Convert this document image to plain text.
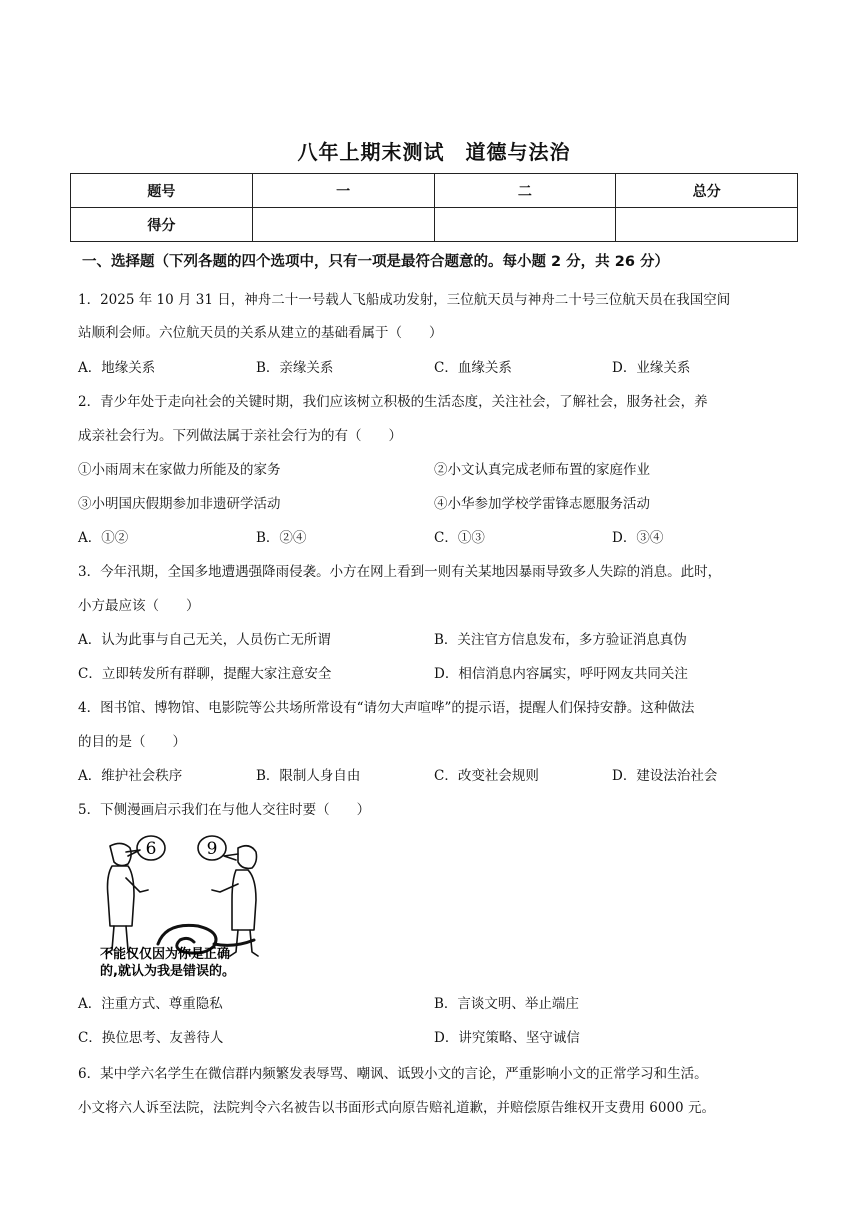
八年上期末测试　道德与法治
题号	一	二	总分
得分			
一、选择题（下列各题的四个选项中，只有一项是最符合题意的。每小题 2 分，共 26 分）
1．2025 年 10 月 31 日，神舟二十一号载人飞船成功发射，三位航天员与神舟二十号三位航天员在我国空间
站顺利会师。六位航天员的关系从建立的基础看属于（　　）
A．地缘关系	B．亲缘关系	C．血缘关系	D．业缘关系
2．青少年处于走向社会的关键时期，我们应该树立积极的生活态度，关注社会，了解社会，服务社会，养
成亲社会行为。下列做法属于亲社会行为的有（　　）
①小雨周末在家做力所能及的家务	②小文认真完成老师布置的家庭作业
③小明国庆假期参加非遗研学活动	④小华参加学校学雷锋志愿服务活动
A．①②	B．②④	C．①③	D．③④
3．今年汛期，全国多地遭遇强降雨侵袭。小方在网上看到一则有关某地因暴雨导致多人失踪的消息。此时，
小方最应该（　　）
A．认为此事与自己无关，人员伤亡无所谓	B．关注官方信息发布，多方验证消息真伪
C．立即转发所有群聊，提醒大家注意安全	D．相信消息内容属实，呼吁网友共同关注
4．图书馆、博物馆、电影院等公共场所常设有“请勿大声喧哗”的提示语，提醒人们保持安静。这种做法
的目的是（　　）
A．维护社会秩序	B．限制人身自由	C．改变社会规则	D．建设法治社会
5．下侧漫画启示我们在与他人交往时要（　　）
6	9
不能仅仅因为你是正确
的,就认为我是错误的。
A．注重方式、尊重隐私	B．言谈文明、举止端庄
C．换位思考、友善待人	D．讲究策略、坚守诚信
6．某中学六名学生在微信群内频繁发表辱骂、嘲讽、诋毁小文的言论，严重影响小文的正常学习和生活。
小文将六人诉至法院，法院判令六名被告以书面形式向原告赔礼道歉，并赔偿原告维权开支费用 6000 元。
